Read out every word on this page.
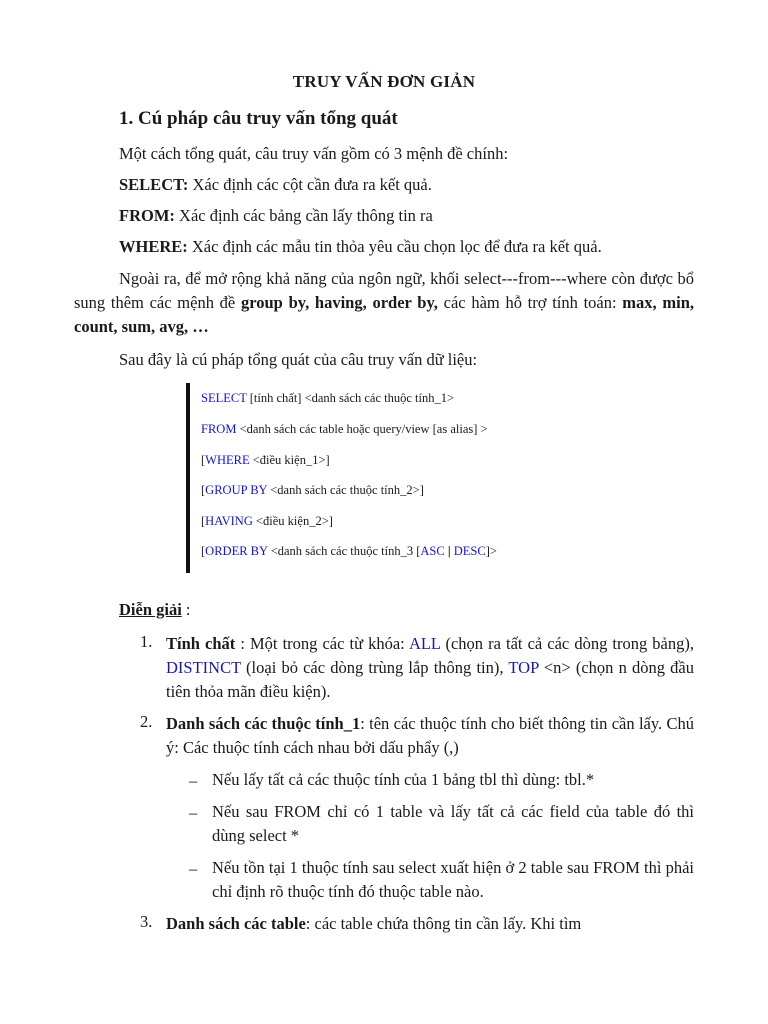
TRUY VẤN ĐƠN GIẢN
1. Cú pháp câu truy vấn tổng quát
Một cách tổng quát, câu truy vấn gồm có 3 mệnh đề chính:
SELECT: Xác định các cột cần đưa ra kết quả.
FROM: Xác định các bảng cần lấy thông tin ra
WHERE: Xác định các mẫu tin thỏa yêu cầu chọn lọc để đưa ra kết quả.
Ngoài ra, để mở rộng khả năng của ngôn ngữ, khối select---from---where còn được bổ sung thêm các mệnh đề group by, having, order by, các hàm hỗ trợ tính toán: max, min, count, sum, avg, …
Sau đây là cú pháp tổng quát của câu truy vấn dữ liệu:
SELECT [tính chất] <danh sách các thuộc tính_1>
FROM <danh sách các table hoặc query/view [as alias] >
[WHERE <điều kiện_1>]
[GROUP BY <danh sách các thuộc tính_2>]
[HAVING <điều kiện_2>]
[ORDER BY <danh sách các thuộc tính_3 [ASC | DESC]>
Diễn giải :
1. Tính chất : Một trong các từ khóa: ALL (chọn ra tất cả các dòng trong bảng), DISTINCT (loại bỏ các dòng trùng lắp thông tin), TOP <n> (chọn n dòng đầu tiên thỏa mãn điều kiện).
2. Danh sách các thuộc tính_1: tên các thuộc tính cho biết thông tin cần lấy. Chú ý: Các thuộc tính cách nhau bởi dấu phẩy (,)
– Nếu lấy tất cả các thuộc tính của 1 bảng tbl thì dùng: tbl.*
– Nếu sau FROM chỉ có 1 table và lấy tất cả các field của table đó thì dùng select *
– Nếu tồn tại 1 thuộc tính sau select xuất hiện ở 2 table sau FROM thì phải chỉ định rõ thuộc tính đó thuộc table nào.
3. Danh sách các table: các table chứa thông tin cần lấy. Khi tìm
